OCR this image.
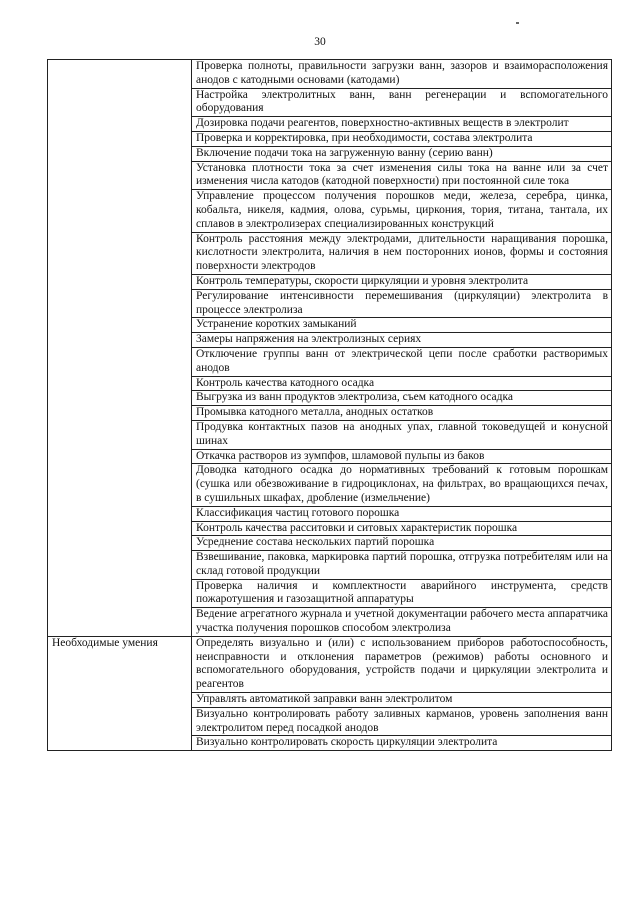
30
	Проверка полноты, правильности загрузки ванн, зазоров и взаиморасположения анодов с катодными основами (катодами)
	Настройка электролитных ванн, ванн регенерации и вспомогательного оборудования
	Дозировка подачи реагентов, поверхностно-активных веществ в электролит
	Проверка и корректировка, при необходимости, состава электролита
	Включение подачи тока на загруженную ванну (серию ванн)
	Установка плотности тока за счет изменения силы тока на ванне или за счет изменения числа катодов (катодной поверхности) при постоянной силе тока
	Управление процессом получения порошков меди, железа, серебра, цинка, кобальта, никеля, кадмия, олова, сурьмы, циркония, тория, титана, тантала, их сплавов в электролизерах специализированных конструкций
	Контроль расстояния между электродами, длительности наращивания порошка, кислотности электролита, наличия в нем посторонних ионов, формы и состояния поверхности электродов
	Контроль температуры, скорости циркуляции и уровня электролита
	Регулирование интенсивности перемешивания (циркуляции) электролита в процессе электролиза
	Устранение коротких замыканий
	Замеры напряжения на электролизных сериях
	Отключение группы ванн от электрической цепи после сработки растворимых анодов
	Контроль качества катодного осадка
	Выгрузка из ванн продуктов электролиза, съем катодного осадка
	Промывка катодного металла, анодных остатков
	Продувка контактных пазов на анодных упах, главной токоведущей и конусной шинах
	Откачка растворов из зумпфов, шламовой пульпы из баков
	Доводка катодного осадка до нормативных требований к готовым порошкам (сушка или обезвоживание в гидроциклонах, на фильтрах, во вращающихся печах, в сушильных шкафах, дробление (измельчение)
	Классификация частиц готового порошка
	Контроль качества расситовки и ситовых характеристик порошка
	Усреднение состава нескольких партий порошка
	Взвешивание, паковка, маркировка партий порошка, отгрузка потребителям или на склад готовой продукции
	Проверка наличия и комплектности аварийного инструмента, средств пожаротушения и газозащитной аппаратуры
	Ведение агрегатного журнала и учетной документации рабочего места аппаратчика участка получения порошков способом электролиза
Необходимые умения	Определять визуально и (или) с использованием приборов работоспособность, неисправности и отклонения параметров (режимов) работы основного и вспомогательного оборудования, устройств подачи и циркуляции электролита и реагентов
	Управлять автоматикой заправки ванн электролитом
	Визуально контролировать работу заливных карманов, уровень заполнения ванн электролитом перед посадкой анодов
	Визуально контролировать скорость циркуляции электролита
